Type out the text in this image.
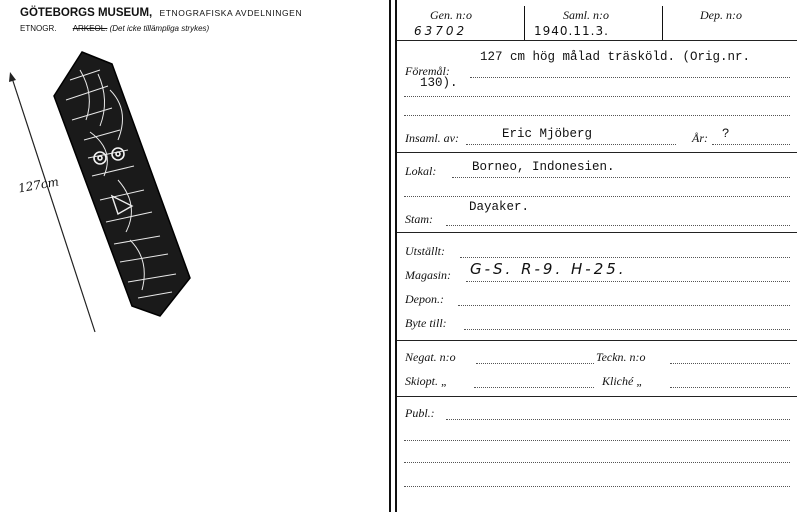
GÖTEBORGS MUSEUM, ETNOGRAFISKA AVDELNINGEN
ETNOGR. ARKEOL. (Det icke tillämpliga strykes)
127cm
Gen. n:o
63702
Saml. n:o
1940.11.3.
Dep. n:o
Föremål:
127 cm hög målad träsköld. (Orig.nr.
130).
Insaml. av:	Eric Mjöberg	År: ?
Lokal:	Borneo, Indonesien.
Stam:
Dayaker.
Utställt:
Magasin: G-S. R-9. H-25.
Depon.:
Byte till:
Negat. n:o	Teckn. n:o
Skiopt. „	Kliché „
Publ.:
